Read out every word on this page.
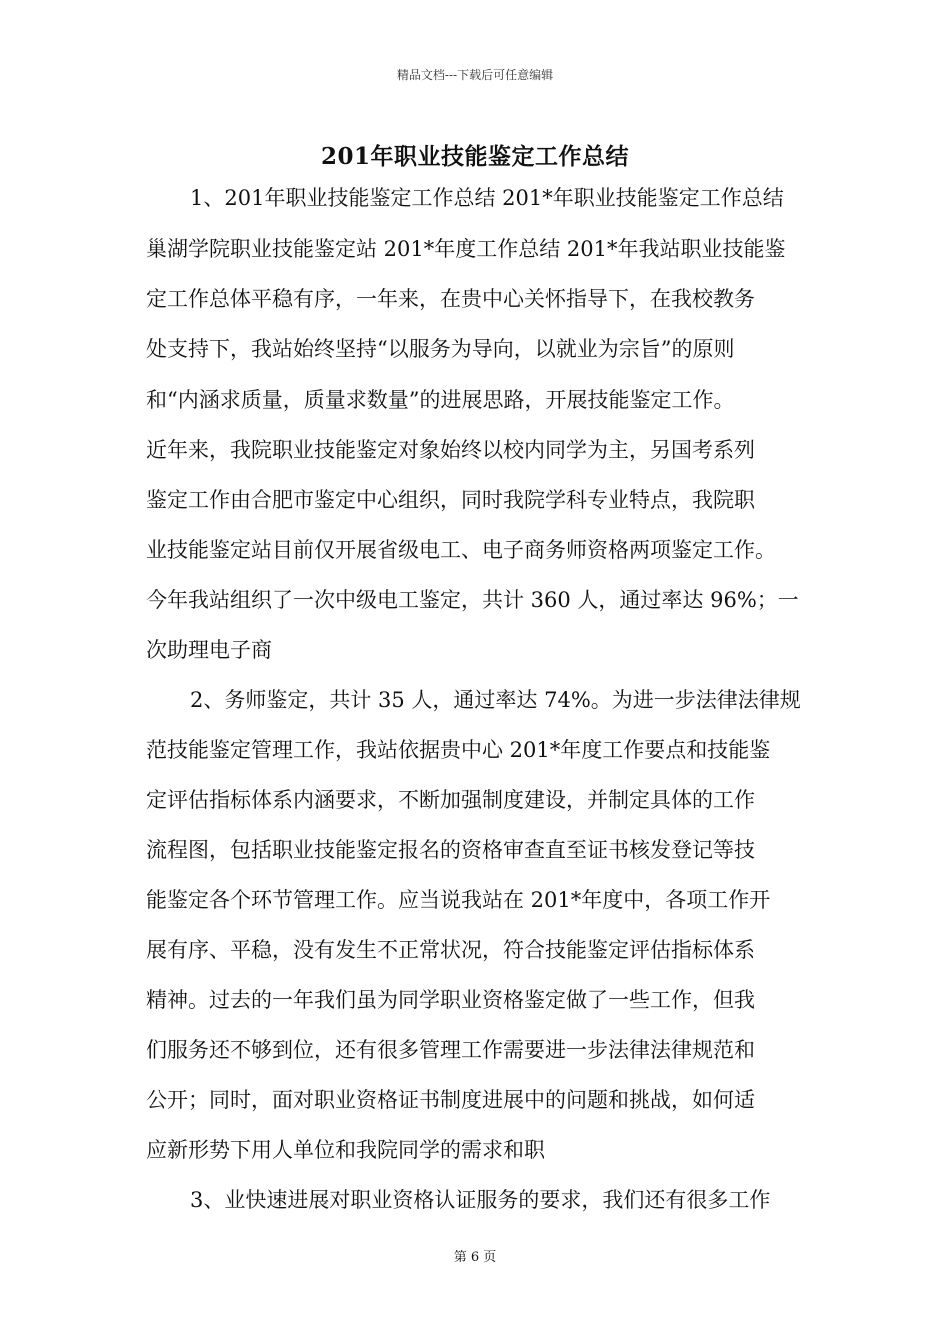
精品文档---下载后可任意编辑
201年职业技能鉴定工作总结
1、201年职业技能鉴定工作总结 201*年职业技能鉴定工作总结
巢湖学院职业技能鉴定站 201*年度工作总结 201*年我站职业技能鉴
定工作总体平稳有序，一年来，在贵中心关怀指导下，在我校教务
处支持下，我站始终坚持“以服务为导向，以就业为宗旨”的原则
和“内涵求质量，质量求数量”的进展思路，开展技能鉴定工作。
近年来，我院职业技能鉴定对象始终以校内同学为主，另国考系列
鉴定工作由合肥市鉴定中心组织，同时我院学科专业特点，我院职
业技能鉴定站目前仅开展省级电工、电子商务师资格两项鉴定工作。
今年我站组织了一次中级电工鉴定，共计 360 人，通过率达 96%；一
次助理电子商
2、务师鉴定，共计 35 人，通过率达 74%。为进一步法律法律规
范技能鉴定管理工作，我站依据贵中心 201*年度工作要点和技能鉴
定评估指标体系内涵要求，不断加强制度建设，并制定具体的工作
流程图，包括职业技能鉴定报名的资格审查直至证书核发登记等技
能鉴定各个环节管理工作。应当说我站在 201*年度中，各项工作开
展有序、平稳，没有发生不正常状况，符合技能鉴定评估指标体系
精神。过去的一年我们虽为同学职业资格鉴定做了一些工作，但我
们服务还不够到位，还有很多管理工作需要进一步法律法律规范和
公开；同时，面对职业资格证书制度进展中的问题和挑战，如何适
应新形势下用人单位和我院同学的需求和职
3、业快速进展对职业资格认证服务的要求，我们还有很多工作
第 6 页
